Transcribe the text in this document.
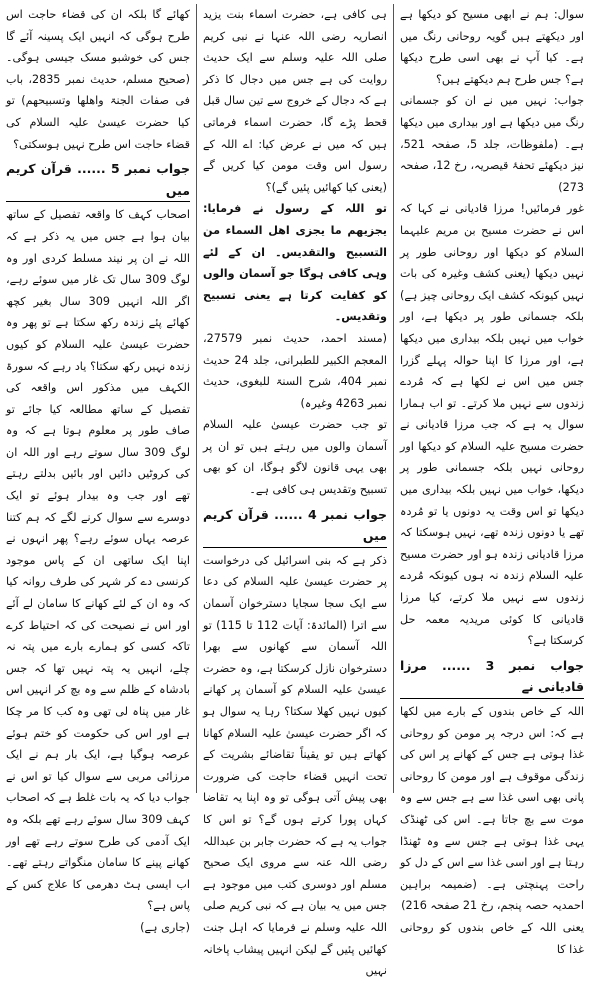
سوال: ہم نے ابھی مسیح کو دیکھا ہے اور دیکھتے ہیں گویہ روحانی رنگ میں ہے۔ کیا آپ نے بھی اسی طرح دیکھا ہے؟ جس طرح ہم دیکھتے ہیں؟

جواب: نہیں میں نے ان کو جسمانی رنگ میں دیکھا ہے اور بیداری میں دیکھا ہے۔ (ملفوظات، جلد 5، صفحہ 521، نیز دیکھئے تحفۂ قیصریہ، رخ 12، صفحہ 273)

غور فرمائیں! مرزا قادیانی نے کہا کہ اس نے حضرت مسیح بن مریم علیہما السلام کو دیکھا اور روحانی طور پر نہیں دیکھا (یعنی کشف وغیرہ کی بات نہیں کیونکہ کشف ایک روحانی چیز ہے) بلکہ جسمانی طور پر دیکھا ہے، اور خواب میں نہیں بلکہ بیداری میں دیکھا ہے، اور مرزا کا اپنا حوالہ پہلے گزرا جس میں اس نے لکھا ہے کہ مُردے زندوں سے نہیں ملا کرتے۔ تو اب ہمارا سوال یہ ہے کہ جب مرزا قادیانی نے حضرت مسیح علیہ السلام کو دیکھا اور روحانی نہیں بلکہ جسمانی طور پر دیکھا، خواب میں نہیں بلکہ بیداری میں دیکھا تو اس وقت یہ دونوں یا تو مُردہ تھے یا دونوں زندہ تھے، نہیں ہوسکتا کہ مرزا قادیانی زندہ ہو اور حضرت مسیح علیہ السلام زندہ نہ ہوں کیونکہ مُردے زندوں سے نہیں ملا کرتے، کیا مرزا قادیانی کا کوئی مریدیہ معمہ حل کرسکتا ہے؟

جواب نمبر 3 ...... مرزا قادیانی نے

اللہ کے خاص بندوں کے بارے میں لکھا ہے کہ: اس درجہ پر مومن کو روحانی غذا ہوتی ہے جس کے کھانے پر اس کی زندگی موقوف ہے اور مومن کا روحانی پانی بھی اسی غذا سے ہے جس سے وہ موت سے بچ جاتا ہے۔ اس کی ٹھنڈک یہی غذا ہوتی ہے جس سے وہ ٹھنڈا رہتا ہے اور اسی غذا سے اس کے دل کو راحت پہنچتی ہے۔ (ضمیمہ براہین احمدیہ حصہ پنجم، رخ 21 صفحہ 216)

یعنی اللہ کے خاص بندوں کو روحانی غذا کا

ہی کافی ہے، حضرت اسماء بنت یزید انصاریہ رضی اللہ عنہا نے نبی کریم صلی اللہ علیہ وسلم سے ایک حدیث روایت کی ہے جس میں دجال کا ذکر ہے کہ دجال کے خروج سے تین سال قبل قحط پڑے گا، حضرت اسماء فرماتی ہیں کہ میں نے عرض کیا: اے اللہ کے رسول اس وقت مومن کیا کریں گے (یعنی کیا کھائیں پئیں گے)؟

تو اللہ کے رسول نے فرمایا: یجزیهم ما یجزی اهل السماء من التسبيح والتقديس۔ ان کے لئے وہی کافی ہوگا جو آسمان والوں کو کفایت کرتا ہے یعنی تسبیح وتقدیس۔

(مسند احمد، حدیث نمبر 27579، المعجم الکبیر للطبرانی، جلد 24 حدیث نمبر 404، شرح السنۃ للبغوی، حدیث نمبر 4263 وغیرہ)

تو جب حضرت عیسیٰ علیہ السلام آسمان والوں میں رہتے ہیں تو ان پر بھی یہی قانون لاگو ہوگا، ان کو بھی تسبیح وتقدیس ہی کافی ہے۔

جواب نمبر 4 ...... قرآن کریم میں

ذکر ہے کہ بنی اسرائیل کی درخواست پر حضرت عیسیٰ علیہ السلام کی دعا سے ایک سجا سجایا دسترخوان آسمان سے اترا (المائدۃ: آیات 112 تا 115) تو اللہ آسمان سے کھانوں سے بھرا دسترخوان نازل کرسکتا ہے، وہ حضرت عیسیٰ علیہ السلام کو آسمان پر کھانے کیوں نہیں کھلا سکتا؟ رہا یہ سوال ہو کہ اگر حضرت عیسیٰ علیہ السلام کھانا کھاتے ہیں تو یقیناً تقاضائے بشریت کے تحت انہیں قضاء حاجت کی ضرورت بھی پیش آتی ہوگی تو وہ اپنا یہ تقاضا کہاں پورا کرتے ہوں گے؟ تو اس کا جواب یہ ہے کہ حضرت جابر بن عبداللہ رضی اللہ عنہ سے مروی ایک صحیح مسلم اور دوسری کتب میں موجود ہے جس میں یہ بیان ہے کہ نبی کریم صلی اللہ علیہ وسلم نے فرمایا کہ اہل جنت کھائیں پئیں گے لیکن انہیں پیشاب پاخانہ نہیں

کھائے گا بلکہ ان کی قضاء حاجت اس طرح ہوگی کہ انہیں ایک پسینہ آئے گا جس کی خوشبو مسک جیسی ہوگی۔ (صحیح مسلم، حدیث نمبر 2835، باب فی صفات الجنۃ واھلھا وتسبیحھم) تو کیا حضرت عیسیٰ علیہ السلام کی قضاء حاجت اس طرح نہیں ہوسکتی؟

جواب نمبر 5 ...... قرآن کریم میں

اصحاب کہف کا واقعہ تفصیل کے ساتھ بیان ہوا ہے جس میں یہ ذکر ہے کہ اللہ نے ان پر نیند مسلط کردی اور وہ لوگ 309 سال تک غار میں سوئے رہے، اگر اللہ انہیں 309 سال بغیر کچھ کھائے پئے زندہ رکھ سکتا ہے تو پھر وہ حضرت عیسیٰ علیہ السلام کو کیوں زندہ نہیں رکھ سکتا؟ یاد رہے کہ سورۃ الکہف میں مذکور اس واقعہ کی تفصیل کے ساتھ مطالعہ کیا جائے تو صاف طور پر معلوم ہوتا ہے کہ وہ لوگ 309 سال سوتے رہے اور اللہ ان کی کروٹیں دائیں اور بائیں بدلتے رہتے تھے اور جب وہ بیدار ہوئے تو ایک دوسرے سے سوال کرنے لگے کہ ہم کتنا عرصہ یہاں سوئے رہے؟ پھر انہوں نے اپنا ایک ساتھی ان کے پاس موجود کرنسی دے کر شہر کی طرف روانہ کیا کہ وہ ان کے لئے کھانے کا سامان لے آئے اور اس نے نصیحت کی کہ احتیاط کرے تاکہ کسی کو ہمارے بارے میں پتہ نہ چلے، انہیں یہ پتہ نہیں تھا کہ جس بادشاہ کے ظلم سے وہ بچ کر انہیں اس غار میں پناہ لی تھی وہ کب کا مر چکا ہے اور اس کی حکومت کو ختم ہوئے عرصہ ہوگیا ہے، ایک بار ہم نے ایک مرزائی مربی سے سوال کیا تو اس نے جواب دیا کہ یہ بات غلط ہے کہ اصحاب کہف 309 سال سوئے رہے تھے بلکہ وہ ایک آدمی کی طرح سوتے رہے تھے اور کھانے پینے کا سامان منگواتے رہتے تھے۔ اب ایسی ہٹ دھرمی کا علاج کس کے پاس ہے؟

(جاری ہے)
